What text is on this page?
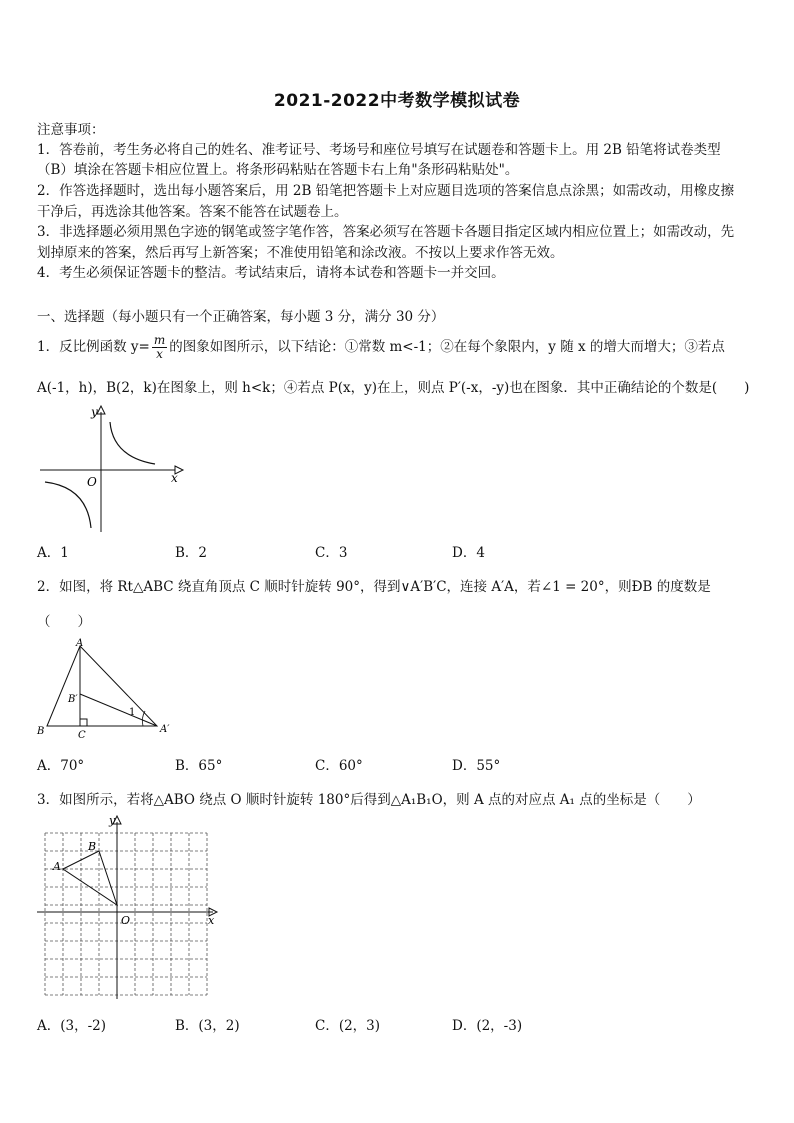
2021-2022中考数学模拟试卷
注意事项：
1．答卷前，考生务必将自己的姓名、准考证号、考场号和座位号填写在试题卷和答题卡上。用 2B 铅笔将试卷类型
（B）填涂在答题卡相应位置上。将条形码粘贴在答题卡右上角"条形码粘贴处"。
2．作答选择题时，选出每小题答案后，用 2B 铅笔把答题卡上对应题目选项的答案信息点涂黑；如需改动，用橡皮擦
干净后，再选涂其他答案。答案不能答在试题卷上。
3．非选择题必须用黑色字迹的钢笔或签字笔作答，答案必须写在答题卡各题目指定区域内相应位置上；如需改动，先
划掉原来的答案，然后再写上新答案；不准使用铅笔和涂改液。不按以上要求作答无效。
4．考生必须保证答题卡的整洁。考试结束后，请将本试卷和答题卡一并交回。
一、选择题（每小题只有一个正确答案，每小题 3 分，满分 30 分）
1．反比例函数 $y= \frac{m}{x}$ 的图象如图所示，以下结论：①常数 m<-1；②在每个象限内，y 随 x 的增大而增大；③若点
A(-1，h)，B(2，k)在图象上，则 h<k；④若点 P(x，y)在上，则点 P′(-x，-y)也在图象．其中正确结论的个数是(　　)
x
y
O
A．1	B．2	C．3	D．4
2．如图，将 Rt△ABC 绕直角顶点 C 顺时针旋转 90°，得到∨A′B′C，连接 A′A，若∠1 = 20°，则ÐB 的度数是
（　　）
A
B
B′
C
A′
1
A．70°	B．65°	C．60°	D．55°
3．如图所示，若将△ABO 绕点 O 顺时针旋转 180°后得到△A₁B₁O，则 A 点的对应点 A₁ 点的坐标是（　　）
A
B
O	x
y
A．(3，-2)	B．(3，2)	C．(2，3)	D．(2，-3)
